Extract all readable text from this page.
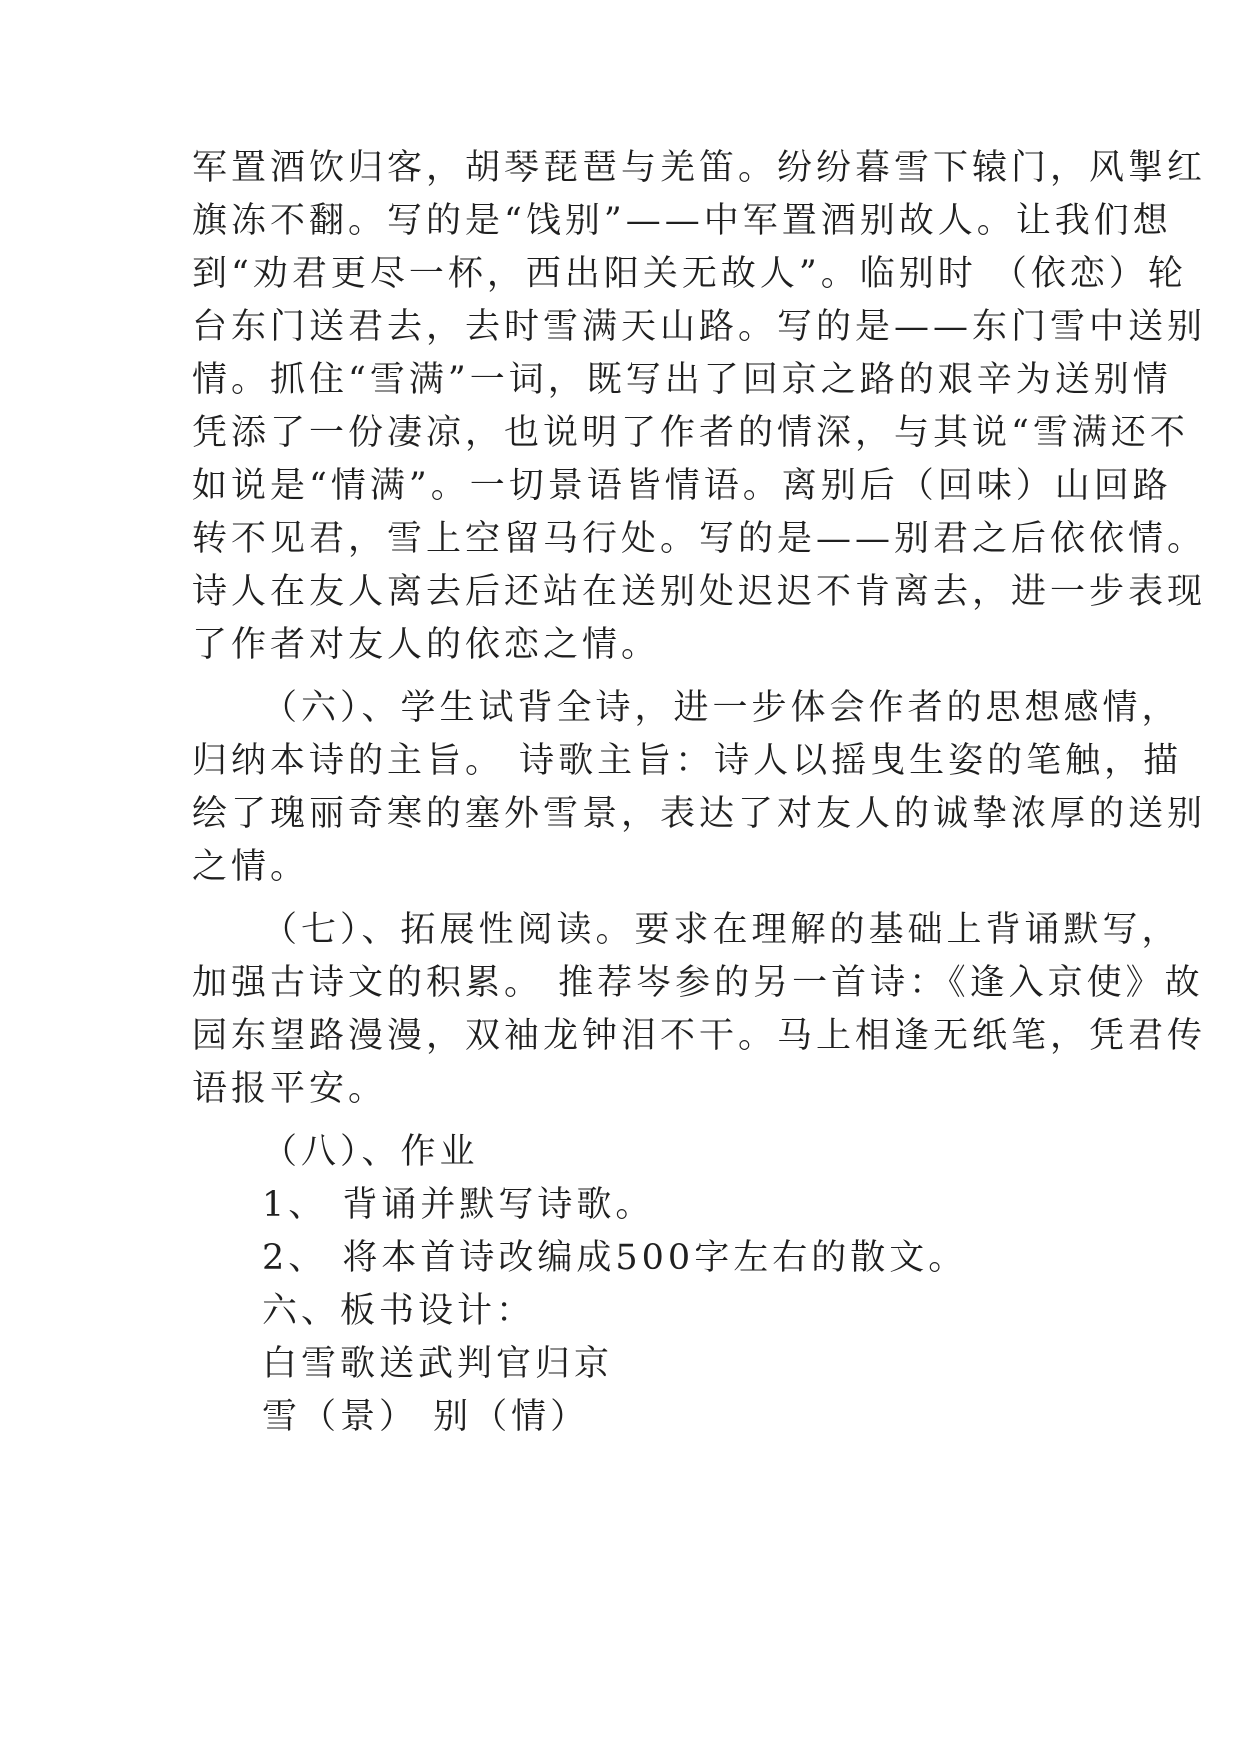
军置酒饮归客，胡琴琵琶与羌笛。纷纷暮雪下辕门，风掣红
旗冻不翻。写的是“饯别”——中军置酒别故人。让我们想
到“劝君更尽一杯，西出阳关无故人”。临别时 （依恋）轮
台东门送君去，去时雪满天山路。写的是——东门雪中送别
情。抓住“雪满”一词，既写出了回京之路的艰辛为送别情
凭添了一份凄凉，也说明了作者的情深，与其说“雪满还不
如说是“情满”。一切景语皆情语。离别后（回味）山回路
转不见君，雪上空留马行处。写的是——别君之后依依情。
诗人在友人离去后还站在送别处迟迟不肯离去，进一步表现
了作者对友人的依恋之情。
（六）、学生试背全诗，进一步体会作者的思想感情，
归纳本诗的主旨。 诗歌主旨：诗人以摇曳生姿的笔触，描
绘了瑰丽奇寒的塞外雪景，表达了对友人的诚挚浓厚的送别
之情。
（七）、拓展性阅读。要求在理解的基础上背诵默写，
加强古诗文的积累。 推荐岑参的另一首诗：《逢入京使》故
园东望路漫漫，双袖龙钟泪不干。马上相逢无纸笔，凭君传
语报平安。
（八）、作业
1、 背诵并默写诗歌。
2、 将本首诗改编成500字左右的散文。
六、板书设计：
白雪歌送武判官归京
雪（景） 别（情）
